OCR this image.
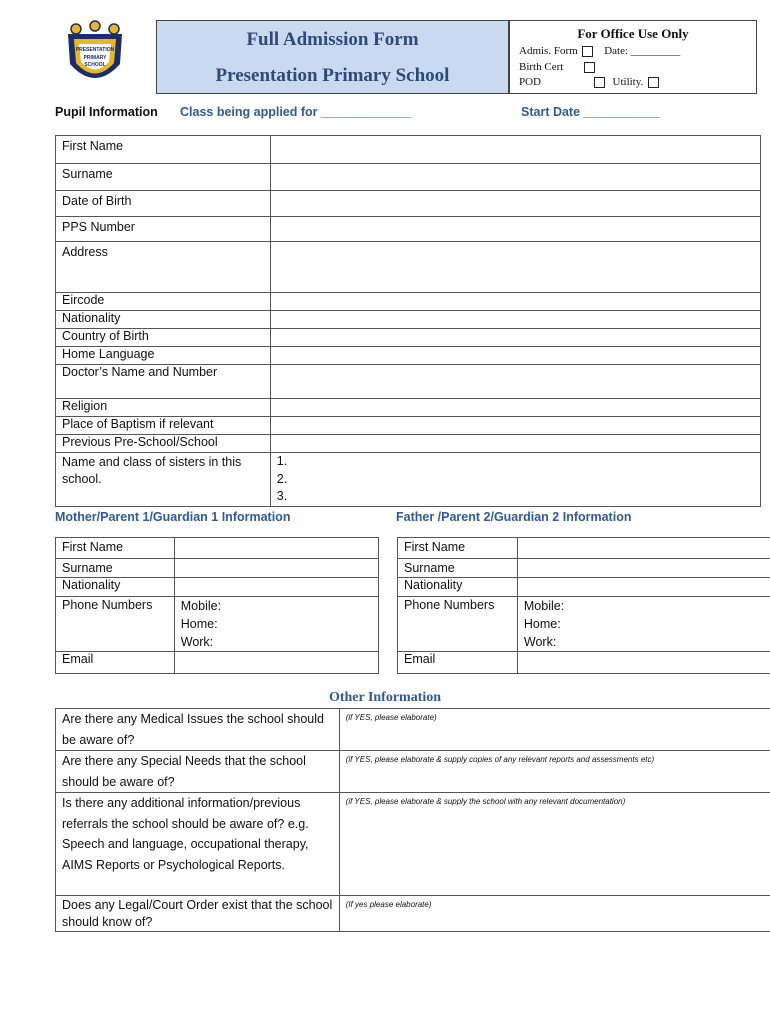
PRESENTATION
PRIMARY
SCHOOL
Full Admission Form
Presentation Primary School
For Office Use Only
Admis. Form Date: _________
Birth Cert
POD	Utility.
Pupil Information Class being applied for _____________	Start Date ___________
First Name	
Surname	
Date of Birth	
PPS Number	
Address	
Eircode	
Nationality	
Country of Birth	
Home Language	
Doctor’s Name and Number	
Religion	
Place of Baptism if relevant	
Previous Pre-School/School	
Name and class of sisters in this school.	1.
2.
3.
Mother/Parent 1/Guardian 1 Information	Father /Parent 2/Guardian 2 Information
First Name	
Surname	
Nationality	
Phone Numbers	Mobile:
Home:
Work:

Email	
First Name	
Surname	
Nationality	
Phone Numbers	Mobile:
Home:
Work:

Email	
Other Information
Are there any Medical Issues the school should be aware of?	(if YES, please elaborate)
Are there any Special Needs that the school should be aware of?	(if YES, please elaborate & supply copies of any relevant reports and assessments etc)
Is there any additional information/previous referrals the school should be aware of? e.g. Speech and language, occupational therapy, AIMS Reports or Psychological Reports.	(if YES, please elaborate & supply the school with any relevant documentation)
Does any Legal/Court Order exist that the school should know of?	(If yes please elaborate)
